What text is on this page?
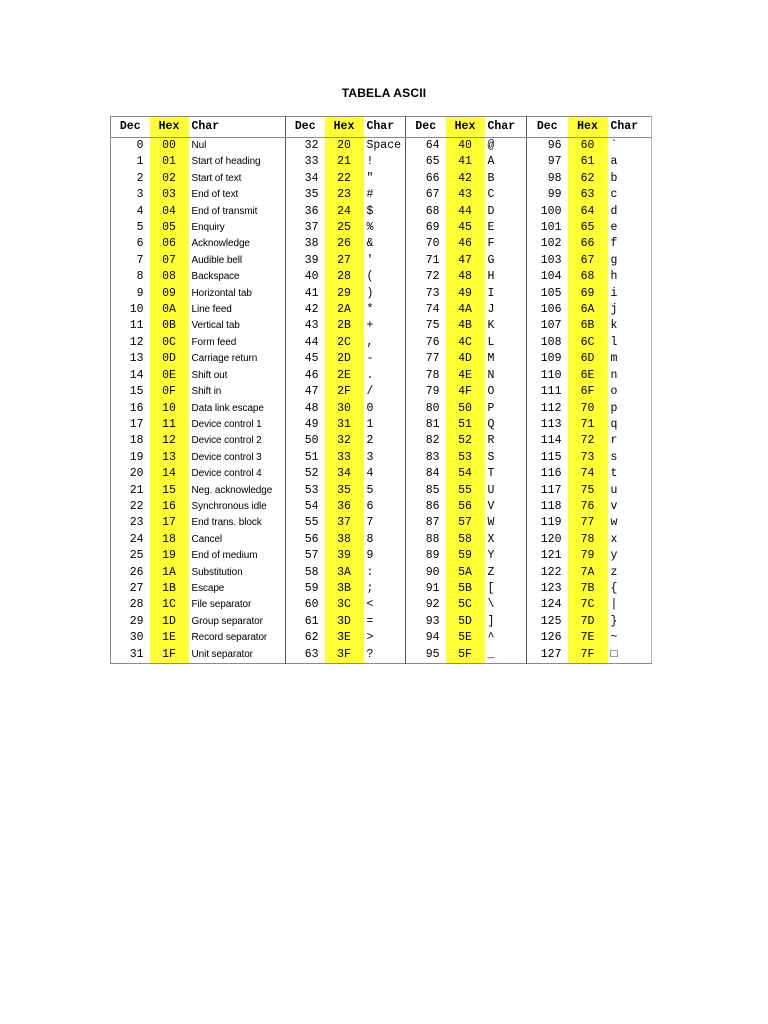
TABELA ASCII
Dec	Hex	Char	Dec	Hex	Char	Dec	Hex	Char	Dec	Hex	Char
0	00	Nul	32	20	Space	64	40	@	96	60	`
1	01	Start of heading	33	21	!	65	41	A	97	61	a
2	02	Start of text	34	22	"	66	42	B	98	62	b
3	03	End of text	35	23	#	67	43	C	99	63	c
4	04	End of transmit	36	24	$	68	44	D	100	64	d
5	05	Enquiry	37	25	%	69	45	E	101	65	e
6	06	Acknowledge	38	26	&	70	46	F	102	66	f
7	07	Audible bell	39	27	'	71	47	G	103	67	g
8	08	Backspace	40	28	(	72	48	H	104	68	h
9	09	Horizontal tab	41	29	)	73	49	I	105	69	i
10	0A	Line feed	42	2A	*	74	4A	J	106	6A	j
11	0B	Vertical tab	43	2B	+	75	4B	K	107	6B	k
12	0C	Form feed	44	2C	,	76	4C	L	108	6C	l
13	0D	Carriage return	45	2D	-	77	4D	M	109	6D	m
14	0E	Shift out	46	2E	.	78	4E	N	110	6E	n
15	0F	Shift in	47	2F	/	79	4F	O	111	6F	o
16	10	Data link escape	48	30	0	80	50	P	112	70	p
17	11	Device control 1	49	31	1	81	51	Q	113	71	q
18	12	Device control 2	50	32	2	82	52	R	114	72	r
19	13	Device control 3	51	33	3	83	53	S	115	73	s
20	14	Device control 4	52	34	4	84	54	T	116	74	t
21	15	Neg. acknowledge	53	35	5	85	55	U	117	75	u
22	16	Synchronous idle	54	36	6	86	56	V	118	76	v
23	17	End trans. block	55	37	7	87	57	W	119	77	w
24	18	Cancel	56	38	8	88	58	X	120	78	x
25	19	End of medium	57	39	9	89	59	Y	121	79	y
26	1A	Substitution	58	3A	:	90	5A	Z	122	7A	z
27	1B	Escape	59	3B	;	91	5B	[	123	7B	{
28	1C	File separator	60	3C	<	92	5C	\	124	7C	|
29	1D	Group separator	61	3D	=	93	5D	]	125	7D	}
30	1E	Record separator	62	3E	>	94	5E	^	126	7E	~
31	1F	Unit separator	63	3F	?	95	5F	_	127	7F	□
